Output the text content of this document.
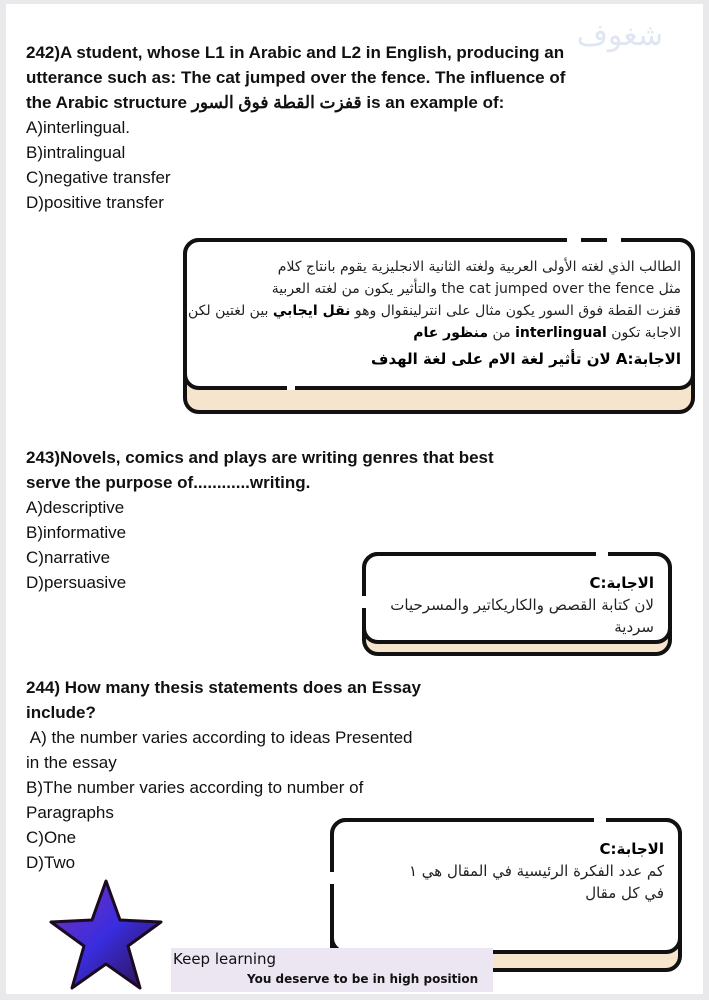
شغوف
242)A student, whose L1 in Arabic and L2 in English, producing an
utterance such as: The cat jumped over the fence. The influence of
the Arabic structure قفزت القطة فوق السور is an example of:
A)interlingual.
B)intralingual
C)negative transfer
D)positive transfer
الطالب الذي لغته الأولى العربية ولغته الثانية الانجليزية يقوم بانتاج كلام
مثل the cat jumped over the fence والتأثير يكون من لغته العربية
قفزت القطة فوق السور يكون مثال على انترلينقوال وهو نقل ايجابي بين لغتين لكن
الاجابة تكون interlingual من منظور عام
الاجابة:A لان تأثير لغة الام على لغة الهدف
243)Novels, comics and plays are writing genres that best
serve the purpose of............writing.
A)descriptive
B)informative
C)narrative
D)persuasive	الاجابة:C
لان كتابة القصص والكاريكاتير والمسرحيات
سردية
244) How many thesis statements does an Essay
include?
A) the number varies according to ideas Presented
in the essay
B)The number varies according to number of
Paragraphs
C)One
D)Two
الاجابة:C
كم عدد الفكرة الرئيسية في المقال هي ١
في كل مقال
Keep learning
You deserve to be in high position
